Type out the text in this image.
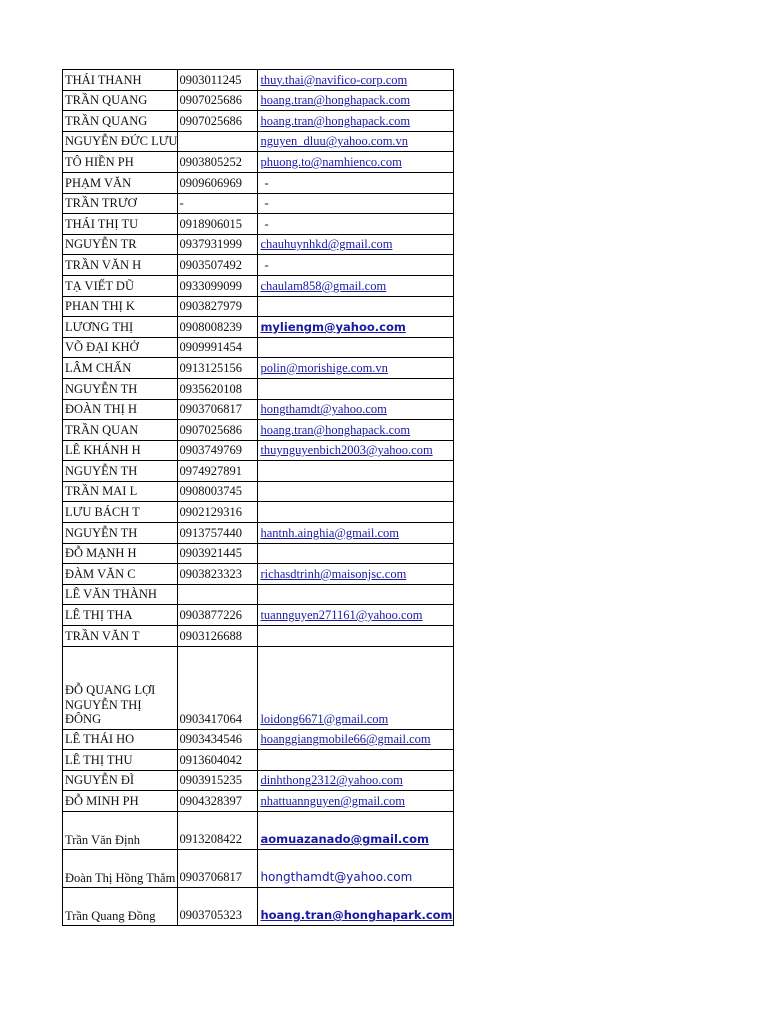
THÁI THANH	0903011245	thuy.thai@navifico-corp.com
TRẦN QUANG	0907025686	hoang.tran@honghapack.com
TRẦN QUANG	0907025686	hoang.tran@honghapack.com
NGUYỄN ĐỨC LƯU		nguyen_dluu@yahoo.com.vn
TÔ HIỀN PH	0903805252	phuong.to@namhienco.com
PHẠM VĂN	0909606969	-
TRẦN TRƯƠ	-	-
THÁI THỊ TU	0918906015	-
NGUYỄN TR	0937931999	chauhuynhkd@gmail.com
TRẦN VĂN H	0903507492	-
TẠ VIẾT DŨ	0933099099	chaulam858@gmail.com
PHAN THỊ K	0903827979	
LƯƠNG THỊ	0908008239	myliengm@yahoo.com
VÕ ĐẠI KHỞ	0909991454	
LÂM CHẤN	0913125156	polin@morishige.com.vn
NGUYỄN TH	0935620108	
ĐOÀN THỊ H	0903706817	hongthamdt@yahoo.com
TRẦN QUAN	0907025686	hoang.tran@honghapack.com
LÊ KHÁNH H	0903749769	thuynguyenbich2003@yahoo.com
NGUYỄN TH	0974927891	
TRẦN MAI L	0908003745	
LƯU BÁCH T	0902129316	
NGUYỄN TH	0913757440	hantnh.ainghia@gmail.com
ĐỖ MẠNH H	0903921445	
ĐÀM VĂN C	0903823323	richasdtrinh@maisonjsc.com
LÊ VĂN THÀNH		
LÊ THỊ THA	0903877226	tuannguyen271161@yahoo.com
TRẦN VĂN T	0903126688	

ĐỖ QUANG LỢI NGUYỄN THỊ ĐÔNG	0903417064	loidong6671@gmail.com
LÊ THÁI HO	0903434546	hoanggiangmobile66@gmail.com
LÊ THỊ THU	0913604042	
NGUYỄN ĐÌ	0903915235	dinhthong2312@yahoo.com
ĐỖ MINH PH	0904328397	nhattuannguyen@gmail.com

Trần Văn Định	0913208422	aomuazanado@gmail.com

Đoàn Thị Hồng Thắm	0903706817	hongthamdt@yahoo.com

Trần Quang Đồng	0903705323	hoang.tran@honghapark.com
